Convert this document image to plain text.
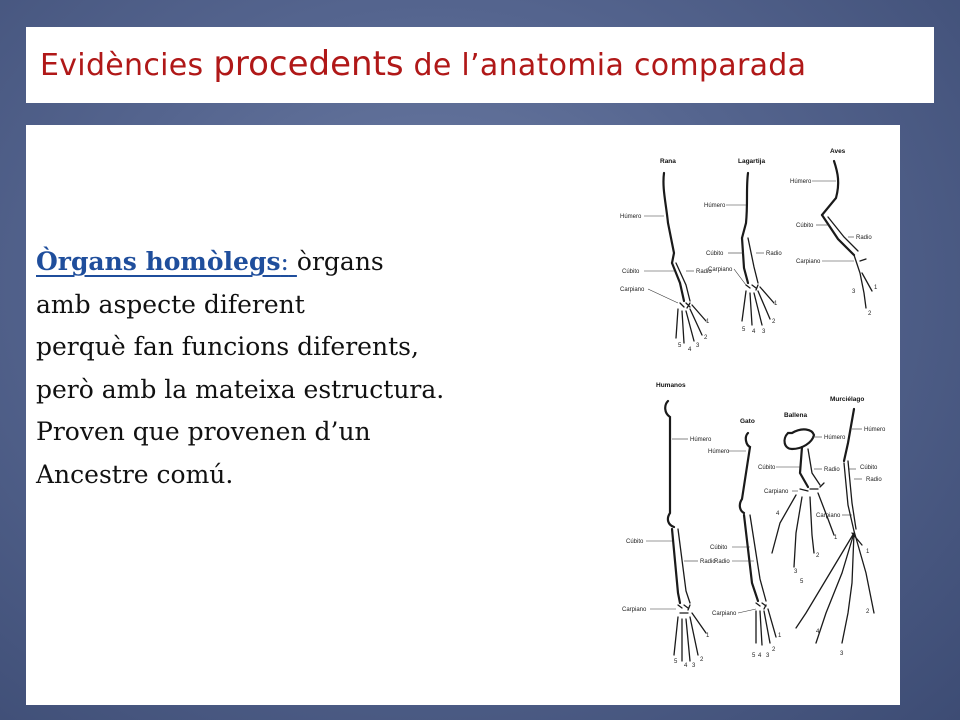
Evidències procedents de l’anatomia comparada
Òrgans homòlegs: òrgans
amb aspecte diferent
perquè fan funcions diferents,
però amb la mateixa estructura.
Proven que provenen d’un
Ancestre comú.
Rana
Húmero
Cúbito	Radio
Carpiano
1
2
3
4
5
Lagartija
Húmero
Cúbito	Radio
Carpiano
1
2
3
4
5
Aves
Húmero
Cúbito
Radio
Carpiano
1
2
3
Humanos
Húmero
Cúbito
Radio
Carpiano
1
2
3
4
5
Gato
Húmero
Cúbito
Radio
Carpiano
1
2
3
4
5
Ballena
Húmero
Cúbito	Radio
Carpiano
1
2
3
4
Murciélago
Húmero
Cúbito
Radio
Carpiano
1
2
3
4
5
